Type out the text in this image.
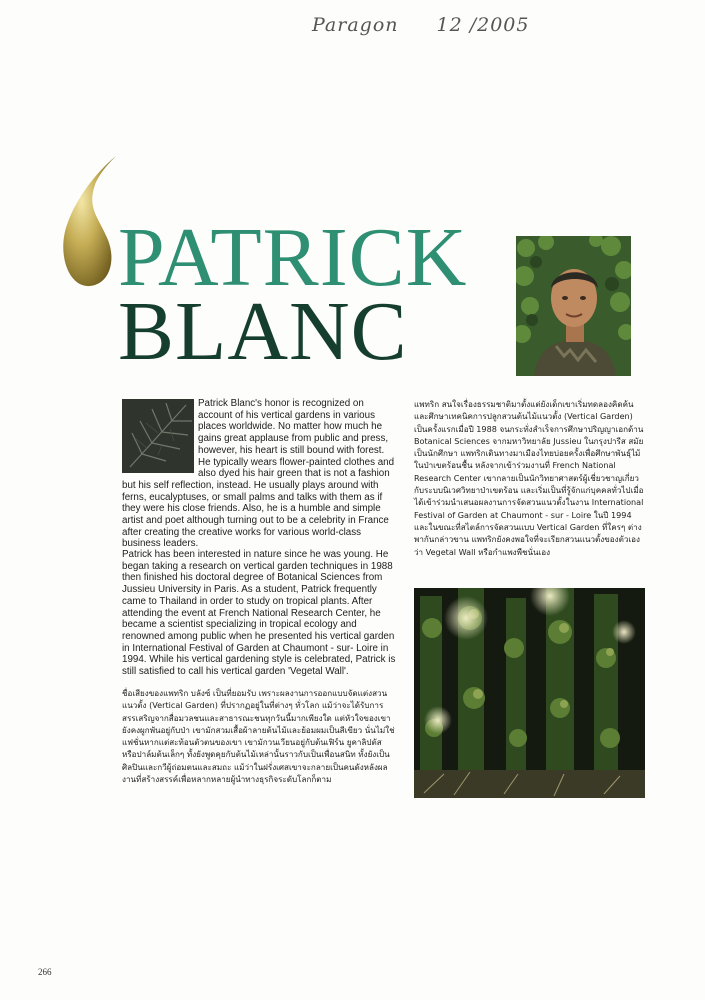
Paragon 12 /2005
PATRICK
BLANC

Patrick Blanc's honor is recognized on account of his vertical gardens in various places worldwide. No matter how much he gains great applause from public and press, however, his heart is still bound with forest. He typically wears flower-painted clothes and also dyed his hair green that is not a fashion but his self reflection, instead. He usually plays around with ferns, eucalyptuses, or small palms and talks with them as if they were his close friends. Also, he is a humble and simple artist and poet although turning out to be a celebrity in France after creating the creative works for various world-class business leaders.

Patrick has been interested in nature since he was young. He began taking a research on vertical garden techniques in 1988 then finished his doctoral degree of Botanical Sciences from Jussieu University in Paris. As a student, Patrick frequently came to Thailand in order to study on tropical plants. After attending the event at French National Research Center, he became a scientist specializing in tropical ecology and renowned among public when he presented his vertical garden in International Festival of Garden at Chaumont - sur- Loire in 1994. While his vertical gardening style is celebrated, Patrick is still satisfied to call his vertical garden 'Vegetal Wall'.

ชื่อเสียงของแพทริก บลังซ์ เป็นที่ยอมรับ เพราะผลงานการออกแบบจัดแต่งสวนแนวตั้ง (Vertical Garden) ที่ปรากฏอยู่ในที่ต่างๆ ทั่วโลก แม้ว่าจะได้รับการสรรเสริญจากสื่อมวลชนและสาธารณะชนทุกวันนี้มากเพียงใด แต่หัวใจของเขายังคงผูกพันอยู่กับป่า เขามักสวมเสื้อผ้าลายต้นไม้และย้อมผมเป็นสีเขียว นั่นไม่ใช่แฟชั่นหากแต่สะท้อนตัวตนของเขา เขามักวนเวียนอยู่กับต้นเฟิร์น ยูคาลิปตัส หรือปาล์มต้นเล็กๆ ทั้งยังพูดคุยกับต้นไม้เหล่านั้นราวกับเป็นเพื่อนสนิท ทั้งยังเป็นศิลปินและกวีผู้ถ่อมตนและสมถะ แม้ว่าในฝรั่งเศสเขาจะกลายเป็นคนดังหลังผลงานที่สร้างสรรค์เพื่อหลากหลายผู้นำทางธุรกิจระดับโลกก็ตาม

แพทริก สนใจเรื่องธรรมชาติมาตั้งแต่ยังเด็กเขาเริ่มทดลองคิดค้นและศึกษาเทคนิคการปลูกสวนต้นไม้แนวตั้ง (Vertical Garden) เป็นครั้งแรกเมื่อปี 1988 จนกระทั่งสำเร็จการศึกษาปริญญาเอกด้าน Botanical Sciences จากมหาวิทยาลัย Jussieu ในกรุงปารีส สมัยเป็นนักศึกษา แพทริกเดินทางมาเมืองไทยบ่อยครั้งเพื่อศึกษาพันธุ์ไม้ในป่าเขตร้อนชื้น หลังจากเข้าร่วมงานที่ French National Research Center เขากลายเป็นนักวิทยาศาสตร์ผู้เชี่ยวชาญเกี่ยวกับระบบนิเวศวิทยาป่าเขตร้อน และเริ่มเป็นที่รู้จักแก่บุคคลทั่วไปเมื่อได้เข้าร่วมนำเสนอผลงานการจัดสวนแนวตั้งในงาน International Festival of Garden at Chaumont - sur - Loire ในปี 1994 และในขณะที่สไตล์การจัดสวนแบบ Vertical Garden ที่ใครๆ ต่างพากันกล่าวขาน แพทริกยังคงพอใจที่จะเรียกสวนแนวตั้งของตัวเองว่า Vegetal Wall หรือกำแพงพืชนั่นเอง

266
